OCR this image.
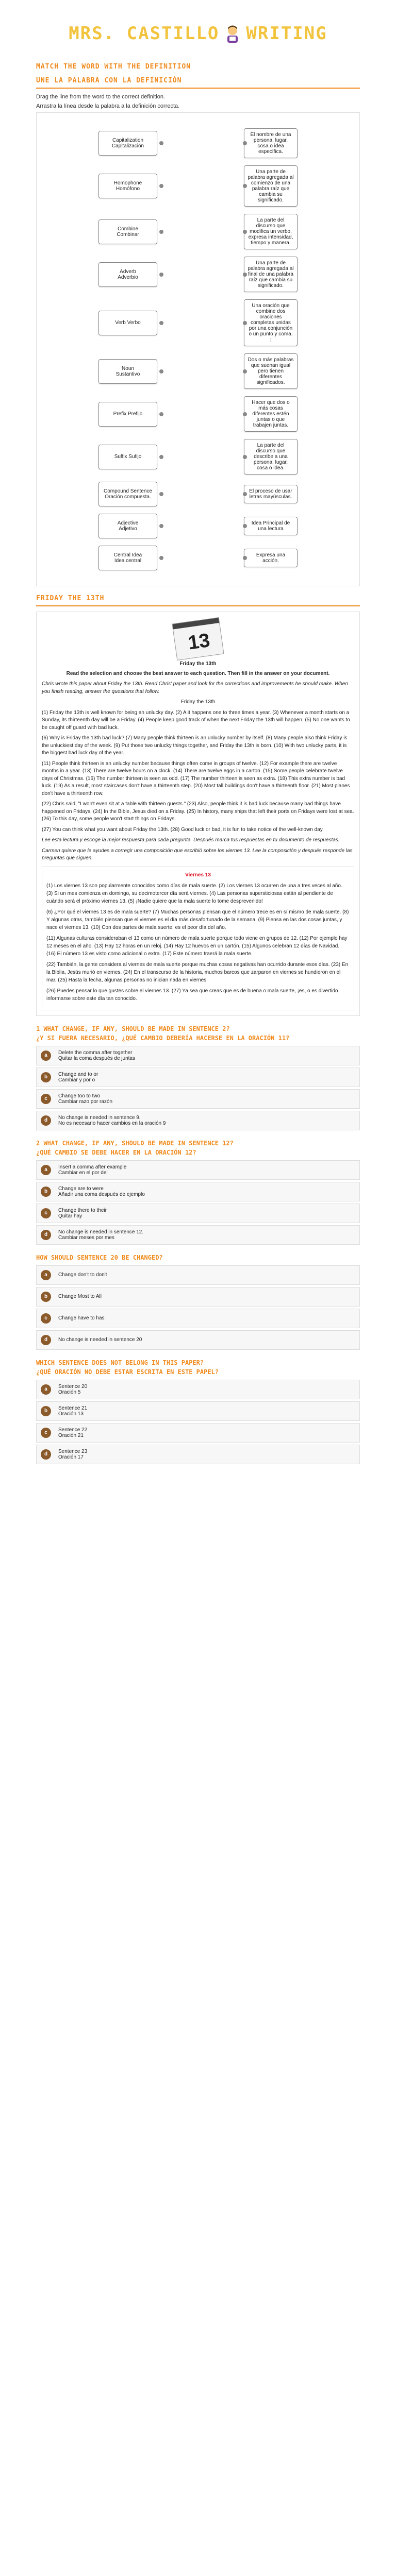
MRS. CASTILLO WRITING
MATCH THE WORD WITH THE DEFINITION
UNE LA PALABRA CON LA DEFINICIÓN
Drag the line from the word to the correct definition.
Arrastra la línea desde la palabra a la definición correcta.
Capitalization
Capitalización
El nombre de una persona, lugar, cosa o idea específica.
Homophone
Homófono
Una parte de palabra agregada al comienzo de una palabra raíz que cambia su significado.
Combine
Combinar
La parte del discurso que modifica un verbo, expresa intensidad, tiempo y manera.
Adverb
Adverbio
Una parte de palabra agregada al final de una palabra raíz que cambia su significado.
Verb Verbo
Una oración que combine dos oraciones completas unidas por una conjunción o un punto y coma. ;
Noun
Sustantivo
Dos o más palabras que suenan igual pero tienen diferentes significados.
Prefix Prefijo
Hacer que dos o más cosas diferentes estén juntas o que trabajen juntas.
Suffix Sufijo
La parte del discurso que describe a una persona, lugar, cosa o idea.
Compound Sentence
Oración compuesta.
El proceso de usar letras mayúsculas.
Adjective
Adjetivo
Idea Principal de una lectura
Central Idea
Idea central
Expresa una acción.
FRIDAY THE 13TH
13
Friday the 13th
Read the selection and choose the best answer to each question. Then fill in the answer on your document.
Chris wrote this paper about Friday the 13th. Read Chris' paper and look for the corrections and improvements he should make. When you finish reading, answer the questions that follow.
Friday the 13th

(1) Friday the 13th is well known for being an unlucky day. (2) A it happens one to three times a year. (3) Whenever a month starts on a Sunday, its thirteenth day will be a Friday. (4) People keep good track of when the next Friday the 13th will happen. (5) No one wants to be caught off guard with bad luck.

(6) Why is Friday the 13th bad luck? (7) Many people think thirteen is an unlucky number by itself. (8) Many people also think Friday is the unluckiest day of the week. (9) Put those two unlucky things together, and Friday the 13th is born. (10) With two unlucky parts, it is the biggest bad luck day of the year.

(11) People think thirteen is an unlucky number because things often come in groups of twelve. (12) For example there are twelve months in a year. (13) There are twelve hours on a clock. (14) There are twelve eggs in a carton. (15) Some people celebrate twelve days of Christmas. (16) The number thirteen is seen as odd. (17) The number thirteen is seen as extra. (18) This extra number is bad luck. (19) As a result, most staircases don't have a thirteenth step. (20) Most tall buildings don't have a thirteenth floor. (21) Most planes don't have a thirteenth row.

(22) Chris said, "I won't even sit at a table with thirteen guests." (23) Also, people think it is bad luck because many bad things have happened on Fridays. (24) In the Bible, Jesus died on a Friday. (25) In history, many ships that left their ports on Fridays were lost at sea. (26) To this day, some people won't start things on Fridays.

(27) You can think what you want about Friday the 13th. (28) Good luck or bad, it is fun to take notice of the well-known day.

Lee esta lectura y escoge la mejor respuesta para cada pregunta. Después marca tus respuestas en tu documento de respuestas.
Carmen quiere que le ayudes a corregir una composición que escribió sobre los viernes 13. Lee la composición y después responde las preguntas que siguen.
Viernes 13

(1) Los viernes 13 son popularmente conocidos como días de mala suerte. (2) Los viernes 13 ocurren de una a tres veces al año. (3) Si un mes comienza en domingo, su decimotercer día será viernes. (4) Las personas supersticiosas están al pendiente de cuándo será el próximo viernes 13. (5) ¡Nadie quiere que la mala suerte lo tome desprevenido!

(6) ¿Por qué el viernes 13 es de mala suerte? (7) Muchas personas piensan que el número trece es en sí mismo de mala suerte. (8) Y algunas otras, también piensan que el viernes es el día más desafortunado de la semana. (9) Piensa en las dos cosas juntas, y nace el viernes 13. (10) Con dos partes de mala suerte, es el peor día del año.

(11) Algunas culturas consideraban el 13 como un número de mala suerte porque todo viene en grupos de 12. (12) Por ejemplo hay 12 meses en el año. (13) Hay 12 horas en un reloj. (14) Hay 12 huevos en un cartón. (15) Algunos celebran 12 días de Navidad. (16) El número 13 es visto como adicional o extra. (17) Este número traerá la mala suerte.

(22) También, la gente considera al viernes de mala suerte porque muchas cosas negativas han ocurrido durante esos días. (23) En la Biblia, Jesús murió en viernes. (24) En el transcurso de la historia, muchos barcos que zarparon en viernes se hundieron en el mar. (25) Hasta la fecha, algunas personas no inician nada en viernes.

(26) Puedes pensar lo que gustes sobre el viernes 13. (27) Ya sea que creas que es de buena o mala suerte, ¡es, o es divertido informarse sobre este día tan conocido.

1 WHAT CHANGE, IF ANY, SHOULD BE MADE IN SENTENCE 2?
¿Y SI FUERA NECESARIO, ¿QUÉ CAMBIO DEBERÍA HACERSE EN LA ORACIÓN 11?
a	Delete the comma after together
Quitar la coma después de juntas
b	Change and to or
Cambiar y por o
c	Change too to two
Cambiar razo por razón
d	No change is needed in sentence 9.
No es necesario hacer cambios en la oración 9
2 WHAT CHANGE, IF ANY, SHOULD BE MADE IN SENTENCE 12?
¿QUÉ CAMBIO SE DEBE HACER EN LA ORACIÓN 12?
a	Insert a comma after example
Cambiar en el por del
b	Change are to were
Añadir una coma después de ejemplo
c	Change there to their
Quitar hay
d	No change is needed in sentence 12.
Cambiar meses por mes
HOW SHOULD SENTENCE 20 BE CHANGED?
a	Change don't to don't
b	Change Most to All
c	Change have to has
d	No change is needed in sentence 20
WHICH SENTENCE DOES NOT BELONG IN THIS PAPER?
¿QUÉ ORACIÓN NO DEBE ESTAR ESCRITA EN ESTE PAPEL?
a	Sentence 20
Oración 5
b	Sentence 21
Oración 13
c	Sentence 22
Oración 21
d	Sentence 23
Oración 17
